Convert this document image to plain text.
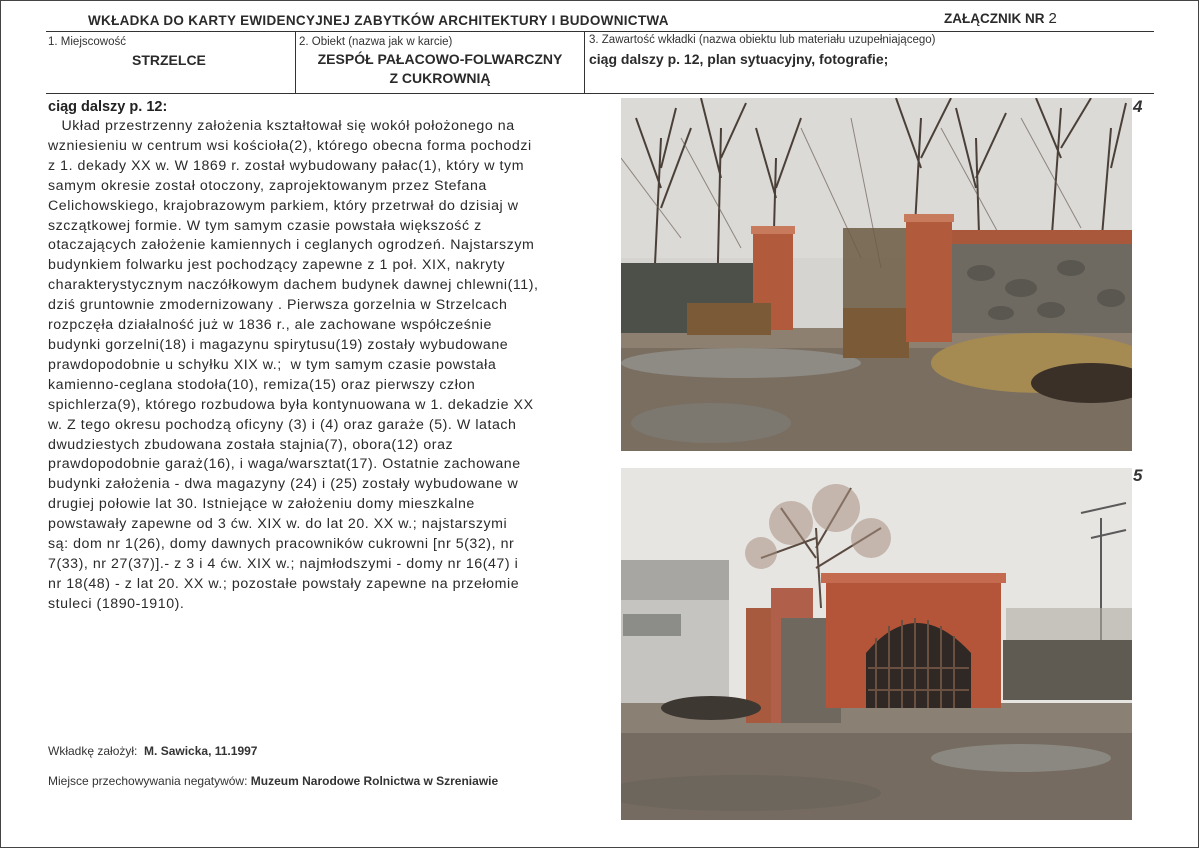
WKŁADKA DO KARTY EWIDENCYJNEJ ZABYTKÓW ARCHITEKTURY I BUDOWNICTWA	ZAŁĄCZNIK NR 2
1. Miejscowość
STRZELCE
2. Obiekt (nazwa jak w karcie)
ZESPÓŁ PAŁACOWO-FOLWARCZNY
Z CUKROWNIĄ
3. Zawartość wkładki (nazwa obiektu lub materiału uzupełniającego)
ciąg dalszy p. 12, plan sytuacyjny, fotografie;
ciąg dalszy p. 12:
Układ przestrzenny założenia kształtował się wokół położonego na
wzniesieniu w centrum wsi kościoła(2), którego obecna forma pochodzi
z 1. dekady XX w. W 1869 r. został wybudowany pałac(1), który w tym
samym okresie został otoczony, zaprojektowanym przez Stefana
Celichowskiego, krajobrazowym parkiem, który przetrwał do dzisiaj w
szczątkowej formie. W tym samym czasie powstała większość z
otaczających założenie kamiennych i ceglanych ogrodzeń. Najstarszym
budynkiem folwarku jest pochodzący zapewne z 1 poł. XIX, nakryty
charakterystycznym naczółkowym dachem budynek dawnej chlewni(11),
dziś gruntownie zmodernizowany . Pierwsza gorzelnia w Strzelcach
rozpczęła działalność już w 1836 r., ale zachowane współcześnie
budynki gorzelni(18) i magazynu spirytusu(19) zostały wybudowane
prawdopodobnie u schyłku XIX w.;  w tym samym czasie powstała
kamienno-ceglana stodoła(10), remiza(15) oraz pierwszy człon
spichlerza(9), którego rozbudowa była kontynuowana w 1. dekadzie XX
w. Z tego okresu pochodzą oficyny (3) i (4) oraz garaże (5). W latach
dwudziestych zbudowana została stajnia(7), obora(12) oraz
prawdopodobnie garaż(16), i waga/warsztat(17). Ostatnie zachowane
budynki założenia - dwa magazyny (24) i (25) zostały wybudowane w
drugiej połowie lat 30. Istniejące w założeniu domy mieszkalne
powstawały zapewne od 3 ćw. XIX w. do lat 20. XX w.; najstarszymi
są: dom nr 1(26), domy dawnych pracowników cukrowni [nr 5(32), nr
7(33), nr 27(37)].- z 3 i 4 ćw. XIX w.; najmłodszymi - domy nr 16(47) i
nr 18(48) - z lat 20. XX w.; pozostałe powstały zapewne na przełomie
stuleci (1890-1910).
Wkładkę założył: M. Sawicka, 11.1997
Miejsce przechowywania negatywów: Muzeum Narodowe Rolnictwa w Szreniawie
4
5
